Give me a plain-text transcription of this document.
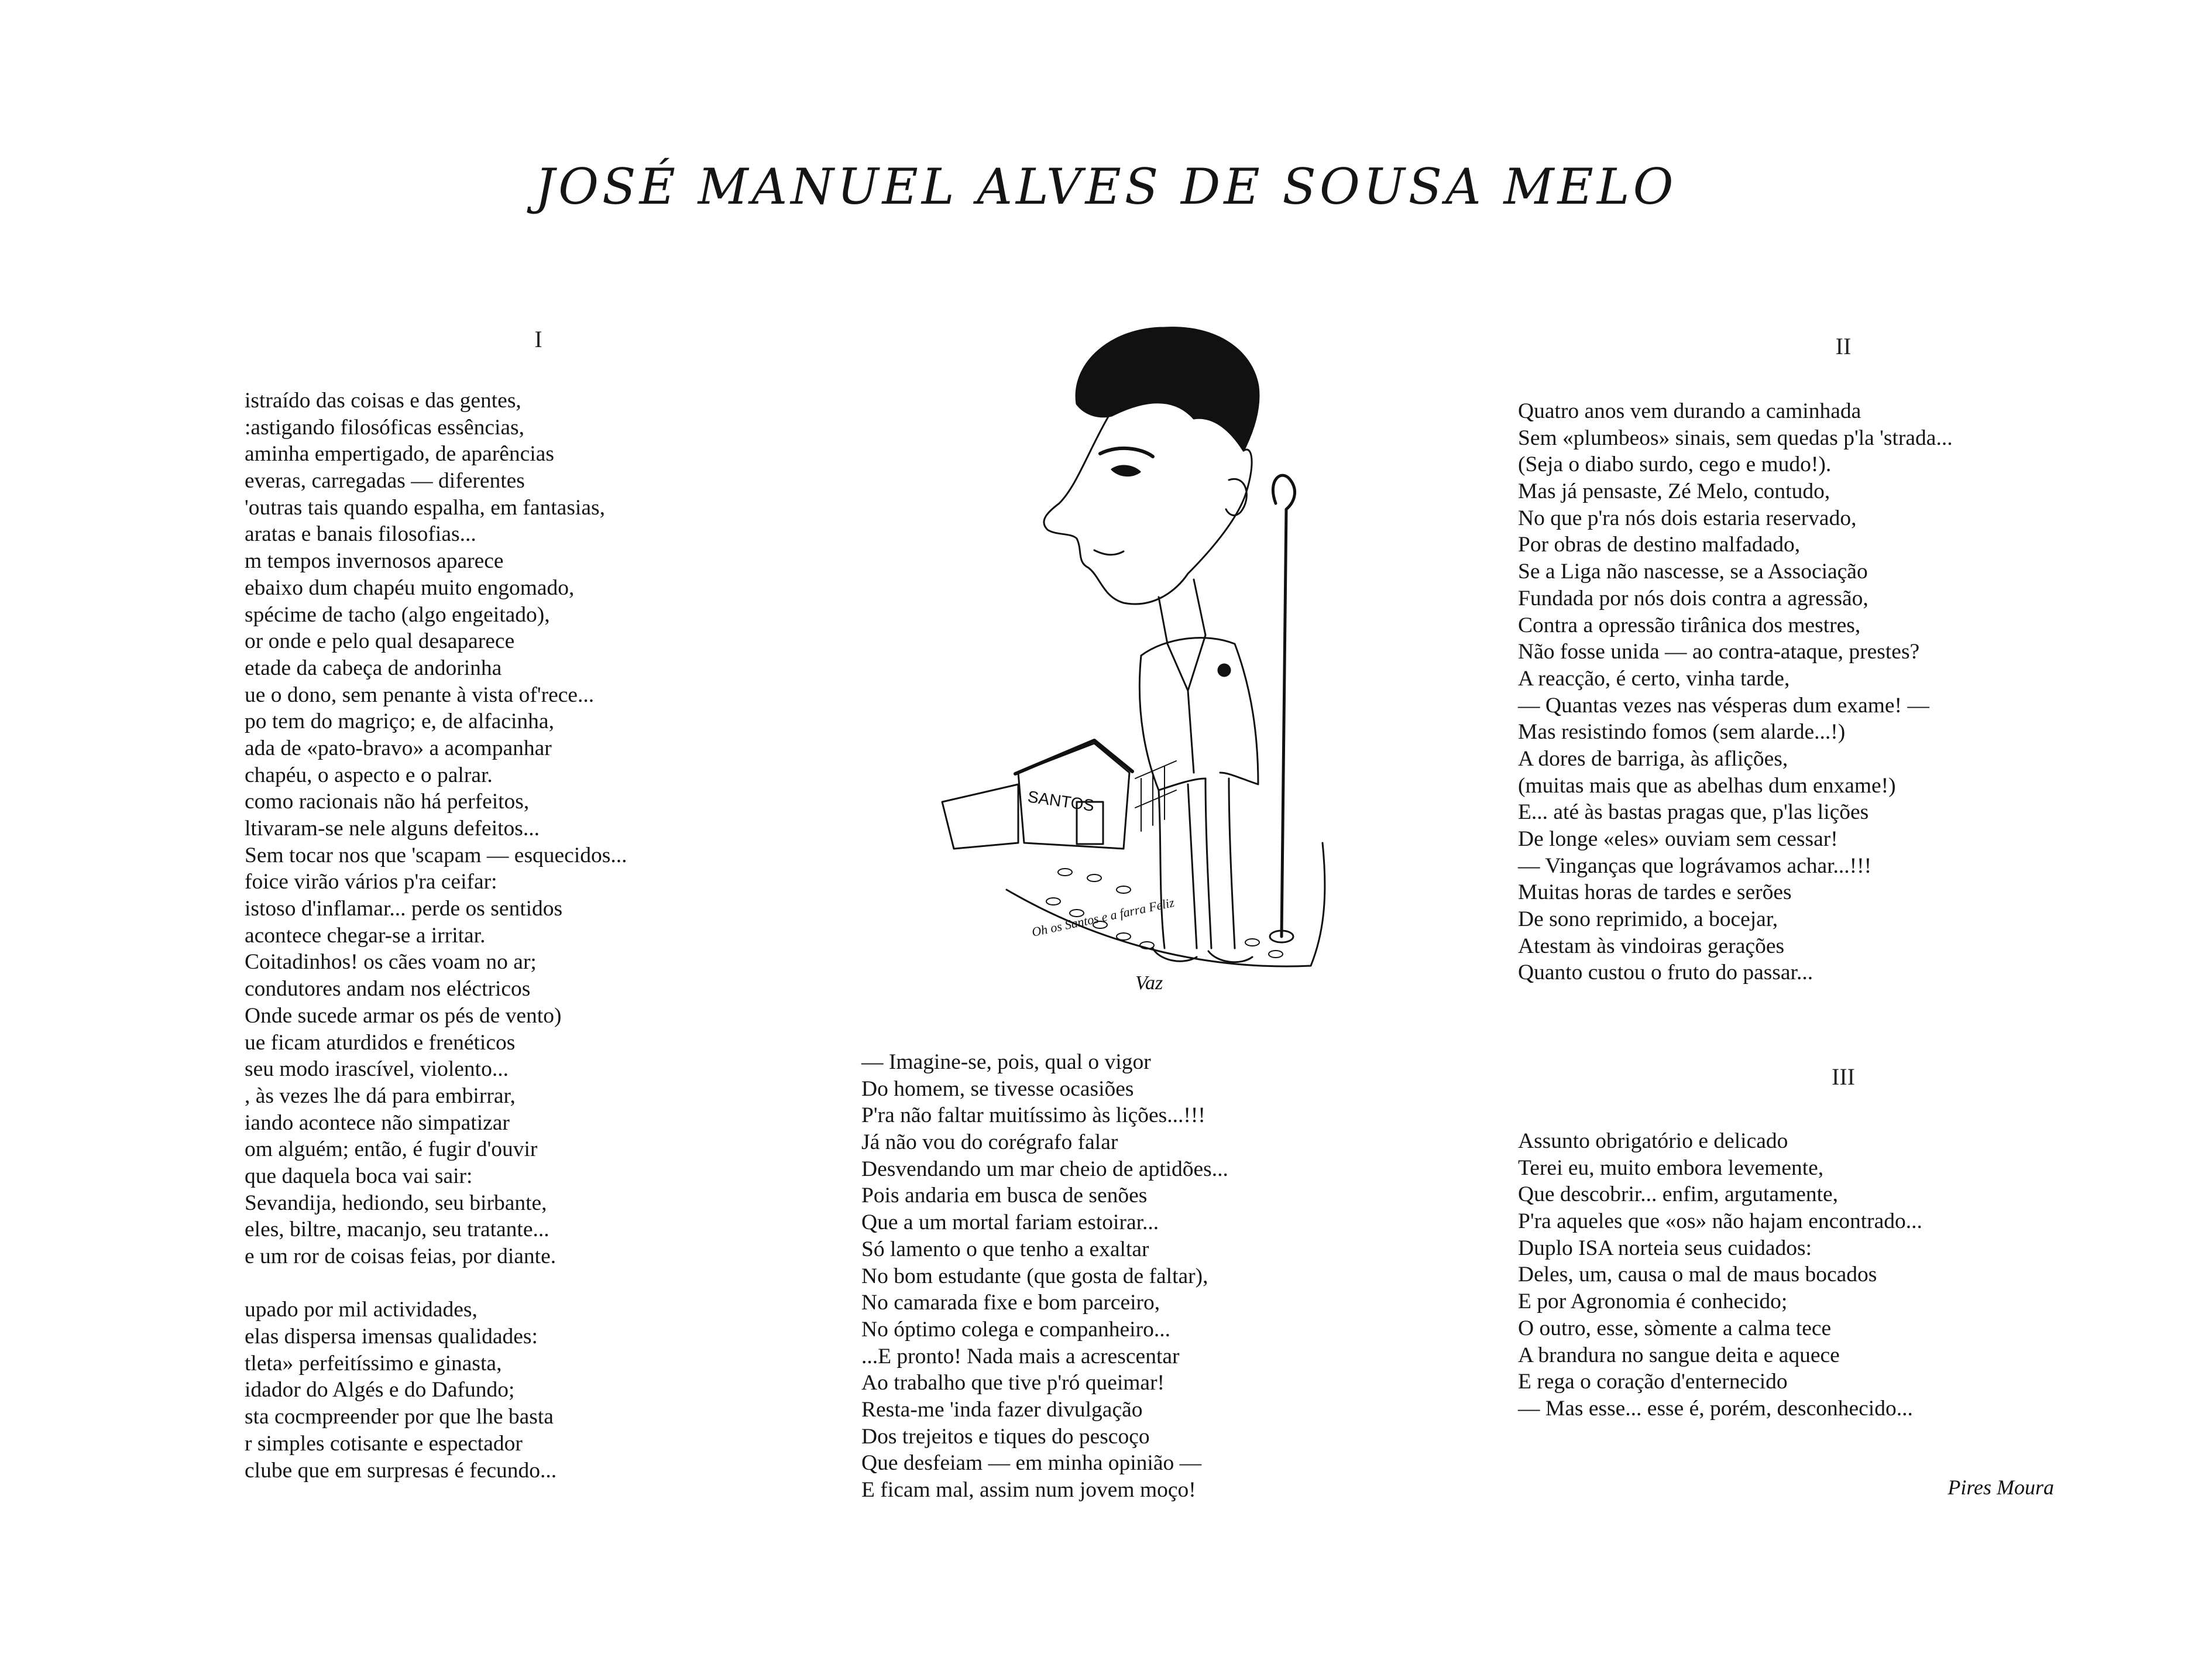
JOSÉ MANUEL ALVES DE SOUSA MELO
I
istraído das coisas e das gentes,
:astigando filosóficas essências,
aminha empertigado, de aparências
everas, carregadas — diferentes
'outras tais quando espalha, em fantasias,
aratas e banais filosofias...
m tempos invernosos aparece
ebaixo dum chapéu muito engomado,
spécime de tacho (algo engeitado),
or onde e pelo qual desaparece
etade da cabeça de andorinha
ue o dono, sem penante à vista of'rece...
po tem do magriço; e, de alfacinha,
ada de «pato-bravo» a acompanhar
chapéu, o aspecto e o palrar.
como racionais não há perfeitos,
ltivaram-se nele alguns defeitos...
Sem tocar nos que 'scapam — esquecidos...
foice virão vários p'ra ceifar:
istoso d'inflamar... perde os sentidos
acontece chegar-se a irritar.
Coitadinhos! os cães voam no ar;
condutores andam nos eléctricos
Onde sucede armar os pés de vento)
ue ficam aturdidos e frenéticos
seu modo irascível, violento...
, às vezes lhe dá para embirrar,
iando acontece não simpatizar
om alguém; então, é fugir d'ouvir
que daquela boca vai sair:
Sevandija, hediondo, seu birbante,
eles, biltre, macanjo, seu tratante...
e um ror de coisas feias, por diante.
upado por mil actividades,
elas dispersa imensas qualidades:
tleta» perfeitíssimo e ginasta,
idador do Algés e do Dafundo;
sta cocmpreender por que lhe basta
r simples cotisante e espectador
clube que em surpresas é fecundo...
— Imagine-se, pois, qual o vigor
Do homem, se tivesse ocasiões
P'ra não faltar muitíssimo às lições...!!!
Já não vou do corégrafo falar
Desvendando um mar cheio de aptidões...
Pois andaria em busca de senões
Que a um mortal fariam estoirar...
Só lamento o que tenho a exaltar
No bom estudante (que gosta de faltar),
No camarada fixe e bom parceiro,
No óptimo colega e companheiro...
...E pronto! Nada mais a acrescentar
Ao trabalho que tive p'ró queimar!
Resta-me 'inda fazer divulgação
Dos trejeitos e tiques do pescoço
Que desfeiam — em minha opinião —
E ficam mal, assim num jovem moço!
II
Quatro anos vem durando a caminhada
Sem «plumbeos» sinais, sem quedas p'la 'strada...
(Seja o diabo surdo, cego e mudo!).
Mas já pensaste, Zé Melo, contudo,
No que p'ra nós dois estaria reservado,
Por obras de destino malfadado,
Se a Liga não nascesse, se a Associação
Fundada por nós dois contra a agressão,
Contra a opressão tirânica dos mestres,
Não fosse unida — ao contra-ataque, prestes?
A reacção, é certo, vinha tarde,
— Quantas vezes nas vésperas dum exame! —
Mas resistindo fomos (sem alarde...!)
A dores de barriga, às aflições,
(muitas mais que as abelhas dum enxame!)
E... até às bastas pragas que, p'las lições
De longe «eles» ouviam sem cessar!
— Vinganças que lográvamos achar...!!!
Muitas horas de tardes e serões
De sono reprimido, a bocejar,
Atestam às vindoiras gerações
Quanto custou o fruto do passar...
III
Assunto obrigatório e delicado
Terei eu, muito embora levemente,
Que descobrir... enfim, argutamente,
P'ra aqueles que «os» não hajam encontrado...
Duplo ISA norteia seus cuidados:
Deles, um, causa o mal de maus bocados
E por Agronomia é conhecido;
O outro, esse, sòmente a calma tece
A brandura no sangue deita e aquece
E rega o coração d'enternecido
— Mas esse... esse é, porém, desconhecido...
Pires Moura
SANTOS
Oh os Santos e a farra Feliz
Vaz
